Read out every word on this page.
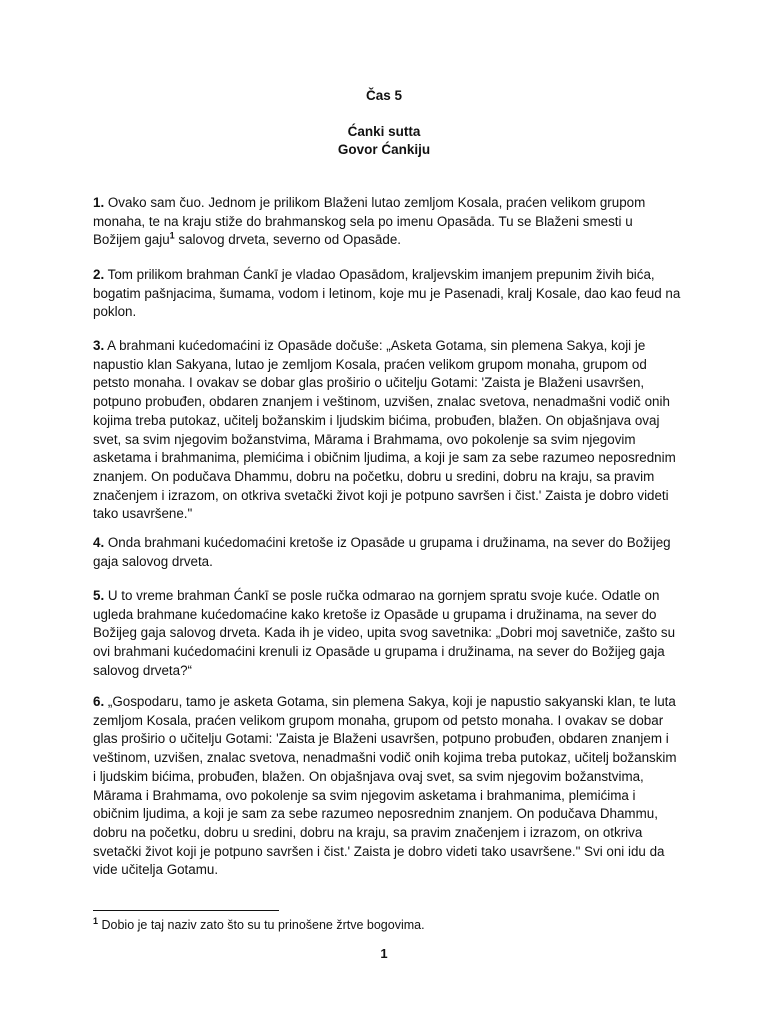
Čas 5
Ćanki sutta
Govor Ćankiju

1. Ovako sam čuo. Jednom je prilikom Blaženi lutao zemljom Kosala, praćen velikom grupom monaha, te na kraju stiže do brahmanskog sela po imenu Opasāda. Tu se Blaženi smesti u Božijem gaju$^1$ salovog drveta, severno od Opasāde.

2. Tom prilikom brahman Ćankī je vladao Opasādom, kraljevskim imanjem prepunim živih bića, bogatim pašnjacima, šumama, vodom i letinom, koje mu je Pasenadi, kralj Kosale, dao kao feud na poklon.

3. A brahmani kućedomaćini iz Opasāde dočuše: „Asketa Gotama, sin plemena Sakya, koji je napustio klan Sakyana, lutao je zemljom Kosala, praćen velikom grupom monaha, grupom od petsto monaha. I ovakav se dobar glas proširio o učitelju Gotami: 'Zaista je Blaženi usavršen, potpuno probuđen, obdaren znanjem i veštinom, uzvišen, znalac svetova, nenadmašni vodič onih kojima treba putokaz, učitelj božanskim i ljudskim bićima, probuđen, blažen. On objašnjava ovaj svet, sa svim njegovim božanstvima, Mārama i Brahmama, ovo pokolenje sa svim njegovim asketama i brahmanima, plemićima i običnim ljudima, a koji je sam za sebe razumeo neposrednim znanjem. On podučava Dhammu, dobru na početku, dobru u sredini, dobru na kraju, sa pravim značenjem i izrazom, on otkriva svetački život koji je potpuno savršen i čist.' Zaista je dobro videti tako usavršene."

4. Onda brahmani kućedomaćini kretoše iz Opasāde u grupama i družinama, na sever do Božijeg gaja salovog drveta.

5. U to vreme brahman Ćankī se posle ručka odmarao na gornjem spratu svoje kuće. Odatle on ugleda brahmane kućedomaćine kako kretoše iz Opasāde u grupama i družinama, na sever do Božijeg gaja salovog drveta. Kada ih je video, upita svog savetnika: „Dobri moj savetniče, zašto su ovi brahmani kućedomaćini krenuli iz Opasāde u grupama i družinama, na sever do Božijeg gaja salovog drveta?“

6. „Gospodaru, tamo je asketa Gotama, sin plemena Sakya, koji je napustio sakyanski klan, te luta zemljom Kosala, praćen velikom grupom monaha, grupom od petsto monaha. I ovakav se dobar glas proširio o učitelju Gotami: 'Zaista je Blaženi usavršen, potpuno probuđen, obdaren znanjem i veštinom, uzvišen, znalac svetova, nenadmašni vodič onih kojima treba putokaz, učitelj božanskim i ljudskim bićima, probuđen, blažen. On objašnjava ovaj svet, sa svim njegovim božanstvima, Mārama i Brahmama, ovo pokolenje sa svim njegovim asketama i brahmanima, plemićima i običnim ljudima, a koji je sam za sebe razumeo neposrednim znanjem. On podučava Dhammu, dobru na početku, dobru u sredini, dobru na kraju, sa pravim značenjem i izrazom, on otkriva svetački život koji je potpuno savršen i čist.' Zaista je dobro videti tako usavršene." Svi oni idu da vide učitelja Gotamu.

$^1$ Dobio je taj naziv zato što su tu prinošene žrtve bogovima.
1
